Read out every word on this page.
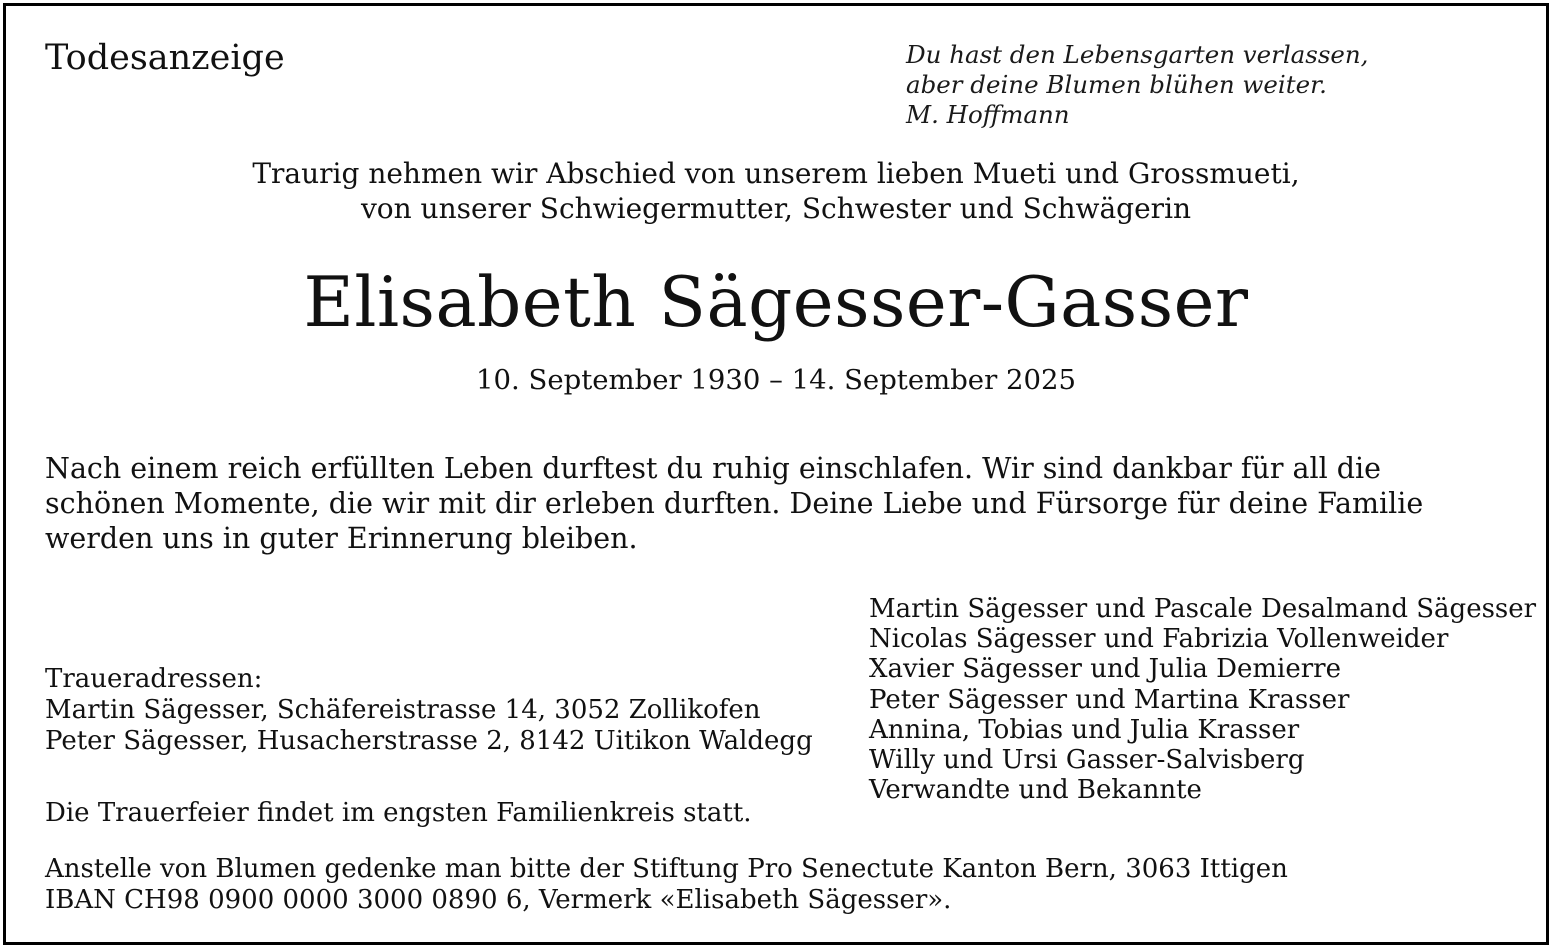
Todesanzeige	Du hast den Lebensgarten verlassen,
aber deine Blumen blühen weiter.
M. Hoffmann
Traurig nehmen wir Abschied von unserem lieben Mueti und Grossmueti,
von unserer Schwiegermutter, Schwester und Schwägerin
Elisabeth Sägesser-Gasser
10. September 1930 – 14. September 2025
Nach einem reich erfüllten Leben durftest du ruhig einschlafen. Wir sind dankbar für all die
schönen Momente, die wir mit dir erleben durften. Deine Liebe und Fürsorge für deine Familie
werden uns in guter Erinnerung bleiben.
Martin Sägesser und Pascale Desalmand Sägesser
Nicolas Sägesser und Fabrizia Vollenweider
Xavier Sägesser und Julia Demierre
Peter Sägesser und Martina Krasser
Annina, Tobias und Julia Krasser
Willy und Ursi Gasser-Salvisberg
Verwandte und Bekannte
Traueradressen:
Martin Sägesser, Schäfereistrasse 14, 3052 Zollikofen
Peter Sägesser, Husacherstrasse 2, 8142 Uitikon Waldegg
Die Trauerfeier findet im engsten Familienkreis statt.
Anstelle von Blumen gedenke man bitte der Stiftung Pro Senectute Kanton Bern, 3063 Ittigen
IBAN CH98 0900 0000 3000 0890 6, Vermerk «Elisabeth Sägesser».
